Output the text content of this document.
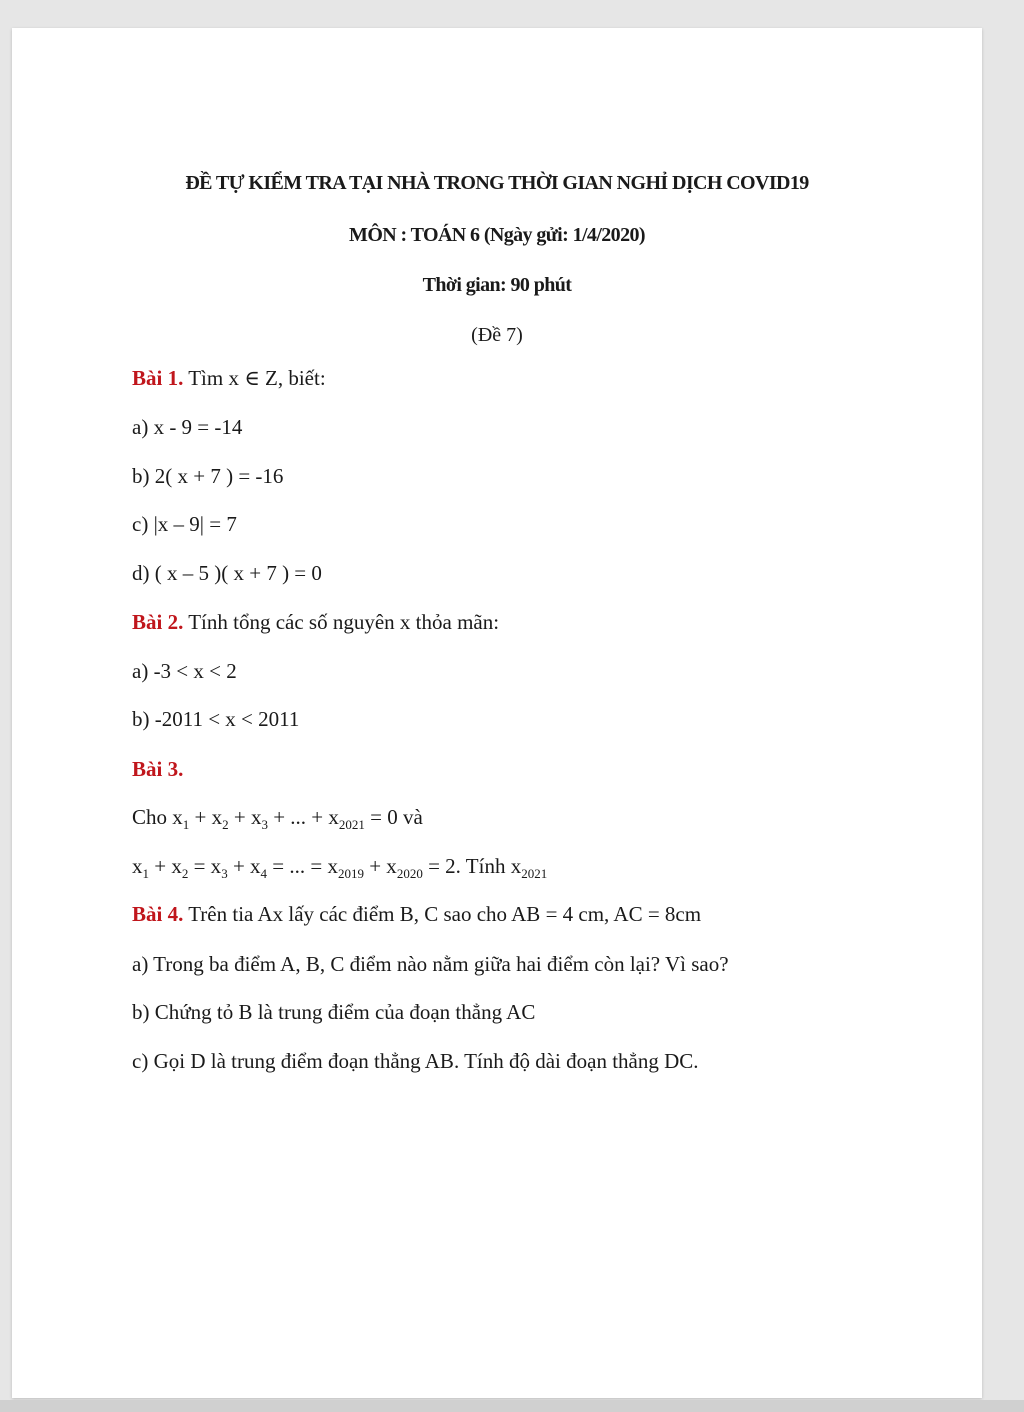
ĐỀ TỰ KIỂM TRA TẠI NHÀ TRONG THỜI GIAN NGHỈ DỊCH COVID19
MÔN : TOÁN 6 (Ngày gửi: 1/4/2020)
Thời gian: 90 phút
(Đề 7)
Bài 1. Tìm x ∈ Z, biết:
a) x - 9 = -14
b) 2( x + 7 ) = -16
c) |x – 9| = 7
d) ( x – 5 )( x + 7 ) = 0
Bài 2. Tính tổng các số nguyên x thỏa mãn:
a) -3 < x < 2
b) -2011 < x < 2011
Bài 3.
Cho $x_1 + x_2 + x_3$ + ... + $x_{2021} = 0$ và
$x_1 + x_2 = x_3 + x_4$ = ... = $x_{2019} + x_{2020} = 2$. Tính $x_{2021}$
Bài 4. Trên tia Ax lấy các điểm B, C sao cho AB = 4 cm, AC = 8cm
a) Trong ba điểm A, B, C điểm nào nằm giữa hai điểm còn lại? Vì sao?
b) Chứng tỏ B là trung điểm của đoạn thẳng AC
c) Gọi D là trung điểm đoạn thẳng AB. Tính độ dài đoạn thẳng DC.
